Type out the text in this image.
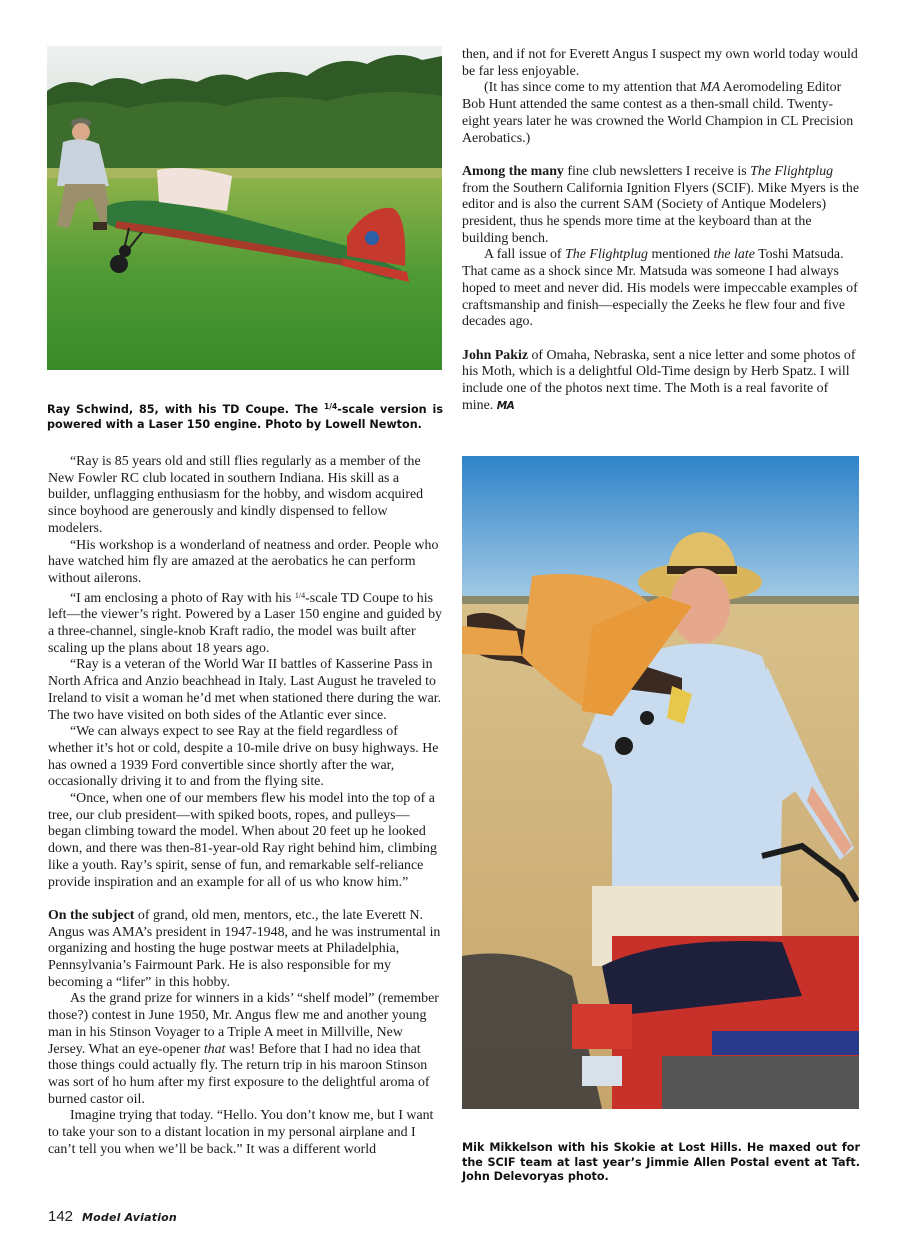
Ray Schwind, 85, with his TD Coupe. The $^{1/4}$-scale version is powered with a Laser 150 engine. Photo by Lowell Newton.

“Ray is 85 years old and still flies regularly as a member of the New Fowler RC club located in southern Indiana. His skill as a builder, unflagging enthusiasm for the hobby, and wisdom acquired since boyhood are generously and kindly dispensed to fellow modelers.

“His workshop is a wonderland of neatness and order. People who have watched him fly are amazed at the aerobatics he can perform without ailerons.

“I am enclosing a photo of Ray with his $^{1/4}$-scale TD Coupe to his left—the viewer’s right. Powered by a Laser 150 engine and guided by a three-channel, single-knob Kraft radio, the model was built after scaling up the plans about 18 years ago.

“Ray is a veteran of the World War II battles of Kasserine Pass in North Africa and Anzio beachhead in Italy. Last August he traveled to Ireland to visit a woman he’d met when stationed there during the war. The two have visited on both sides of the Atlantic ever since.

“We can always expect to see Ray at the field regardless of whether it’s hot or cold, despite a 10-mile drive on busy highways. He has owned a 1939 Ford convertible since shortly after the war, occasionally driving it to and from the flying site.

“Once, when one of our members flew his model into the top of a tree, our club president—with spiked boots, ropes, and pulleys—began climbing toward the model. When about 20 feet up he looked down, and there was then-81-year-old Ray right behind him, climbing like a youth. Ray’s spirit, sense of fun, and remarkable self-reliance provide inspiration and an example for all of us who know him.”

On the subject of grand, old men, mentors, etc., the late Everett N. Angus was AMA’s president in 1947-1948, and he was instrumental in organizing and hosting the huge postwar meets at Philadelphia, Pennsylvania’s Fairmount Park. He is also responsible for my becoming a “lifer” in this hobby.

As the grand prize for winners in a kids’ “shelf model” (remember those?) contest in June 1950, Mr. Angus flew me and another young man in his Stinson Voyager to a Triple A meet in Millville, New Jersey. What an eye-opener that was! Before that I had no idea that those things could actually fly. The return trip in his maroon Stinson was sort of ho hum after my first exposure to the delightful aroma of burned castor oil.

Imagine trying that today. “Hello. You don’t know me, but I want to take your son to a distant location in my personal airplane and I can’t tell you when we’ll be back.” It was a different world

then, and if not for Everett Angus I suspect my own world today would be far less enjoyable.

(It has since come to my attention that MA Aeromodeling Editor Bob Hunt attended the same contest as a then-small child. Twenty-eight years later he was crowned the World Champion in CL Precision Aerobatics.)

Among the many fine club newsletters I receive is The Flightplug from the Southern California Ignition Flyers (SCIF). Mike Myers is the editor and is also the current SAM (Society of Antique Modelers) president, thus he spends more time at the keyboard than at the building bench.

A fall issue of The Flightplug mentioned the late Toshi Matsuda. That came as a shock since Mr. Matsuda was someone I had always hoped to meet and never did. His models were impeccable examples of craftsmanship and finish—especially the Zeeks he flew four and five decades ago.

John Pakiz of Omaha, Nebraska, sent a nice letter and some photos of his Moth, which is a delightful Old-Time design by Herb Spatz. I will include one of the photos next time. The Moth is a real favorite of mine. MA

Mik Mikkelson with his Skokie at Lost Hills. He maxed out for the SCIF team at last year’s Jimmie Allen Postal event at Taft. John Delevoryas photo.
142 Model Aviation
